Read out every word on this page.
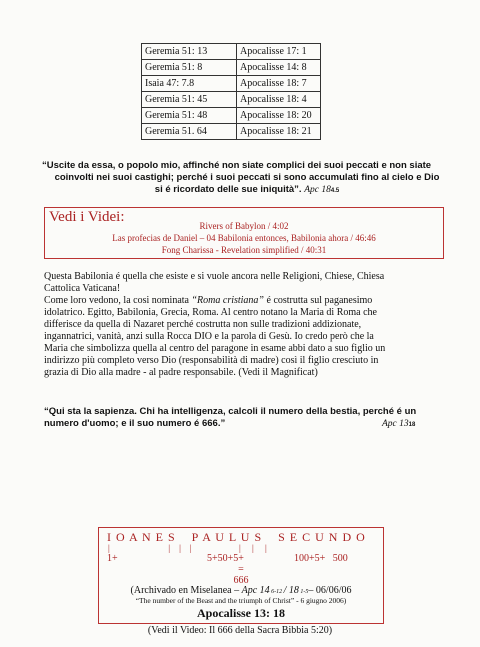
Geremia 51: 13	Apocalisse 17: 1
Geremia 51: 8	Apocalisse 14: 8
Isaia 47: 7.8	Apocalisse 18: 7
Geremia 51: 45	Apocalisse 18: 4
Geremia 51: 48	Apocalisse 18: 20
Geremia 51. 64	Apocalisse 18: 21
“Uscite da essa, o popolo mio, affinché non siate complici dei suoi peccati e non siate
coinvolti nei suoi castighi; perché i suoi peccati si sono accumulati fino al cielo e Dio
si é ricordato delle sue iniquità”. Apc 184.5
Vedi i Videi:
Rivers of Babylon / 4:02
Las profecias de Daniel – 04 Babilonia entonces, Babilonia ahora / 46:46
Fong Charissa - Revelation simplified / 40:31
Questa Babilonia é quella che esiste e si vuole ancora nelle Religioni, Chiese, Chiesa
Cattolica Vaticana!
Come loro vedono, la cosi nominata “Roma cristiana” é costrutta sul paganesimo
idolatrico. Egitto, Babilonia, Grecia, Roma. Al centro notano la Maria di Roma che
differisce da quella di Nazaret perché costrutta non sulle tradizioni addizionate,
ingannatrici, vanità, anzi sulla Rocca DIO e la parola di Gesù. Io credo però che la
Maria che simbolizza quella al centro del paragone in esame abbi dato a suo figlio un
indirizzo più completo verso Dio (responsabilità di madre) così il figlio cresciuto in
grazia di Dio alla madre - al padre responsabile. (Vedi il Magnificat)
“Qui sta la sapienza. Chi ha intelligenza, calcoli il numero della bestia, perché é un
numero d'uomo; e il suo numero é 666.”	Apc 1318
I O A N E S    P A U L U S    S E C U N D O
|                          |    |    |                     |     |     |
1+	5+50+5+	100+5+   500
=
666
(Archivado en Miselanea – Apc 14 6-12 / 18 1-5– 06/06/06
“The number of the Beast and the triumph of Christ” - 6 giugno 2006)
Apocalisse 13: 18
(Vedi il Video: Il 666 della Sacra Bibbia 5:20)
